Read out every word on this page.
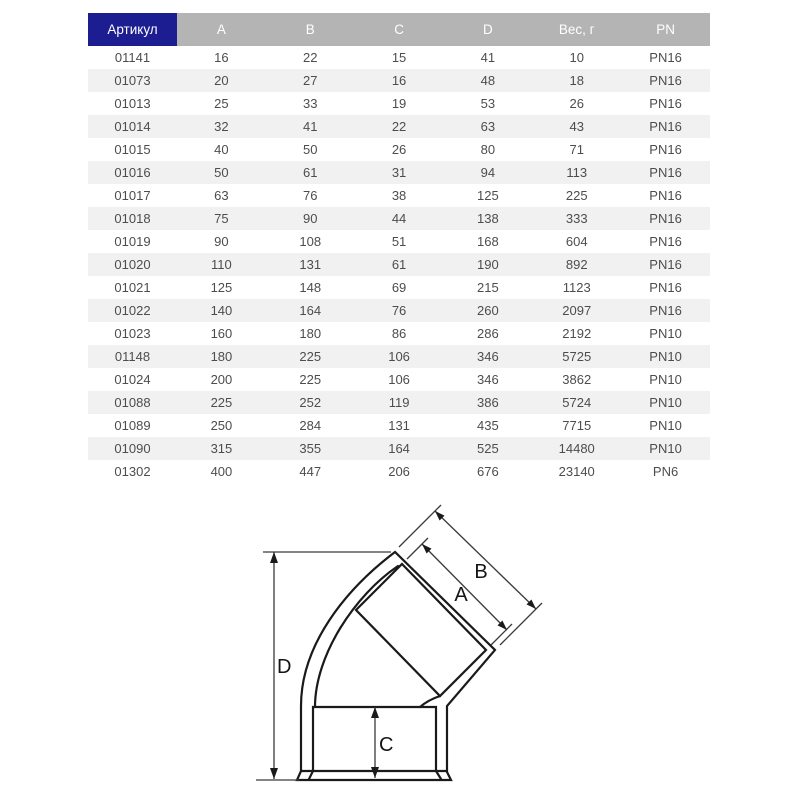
Артикул	A	B	C	D	Вес, г	PN
01141	16	22	15	41	10	PN16
01073	20	27	16	48	18	PN16
01013	25	33	19	53	26	PN16
01014	32	41	22	63	43	PN16
01015	40	50	26	80	71	PN16
01016	50	61	31	94	113	PN16
01017	63	76	38	125	225	PN16
01018	75	90	44	138	333	PN16
01019	90	108	51	168	604	PN16
01020	110	131	61	190	892	PN16
01021	125	148	69	215	1123	PN16
01022	140	164	76	260	2097	PN16
01023	160	180	86	286	2192	PN10
01148	180	225	106	346	5725	PN10
01024	200	225	106	346	3862	PN10
01088	225	252	119	386	5724	PN10
01089	250	284	131	435	7715	PN10
01090	315	355	164	525	14480	PN10
01302	400	447	206	676	23140	PN6
D
C
A
B
